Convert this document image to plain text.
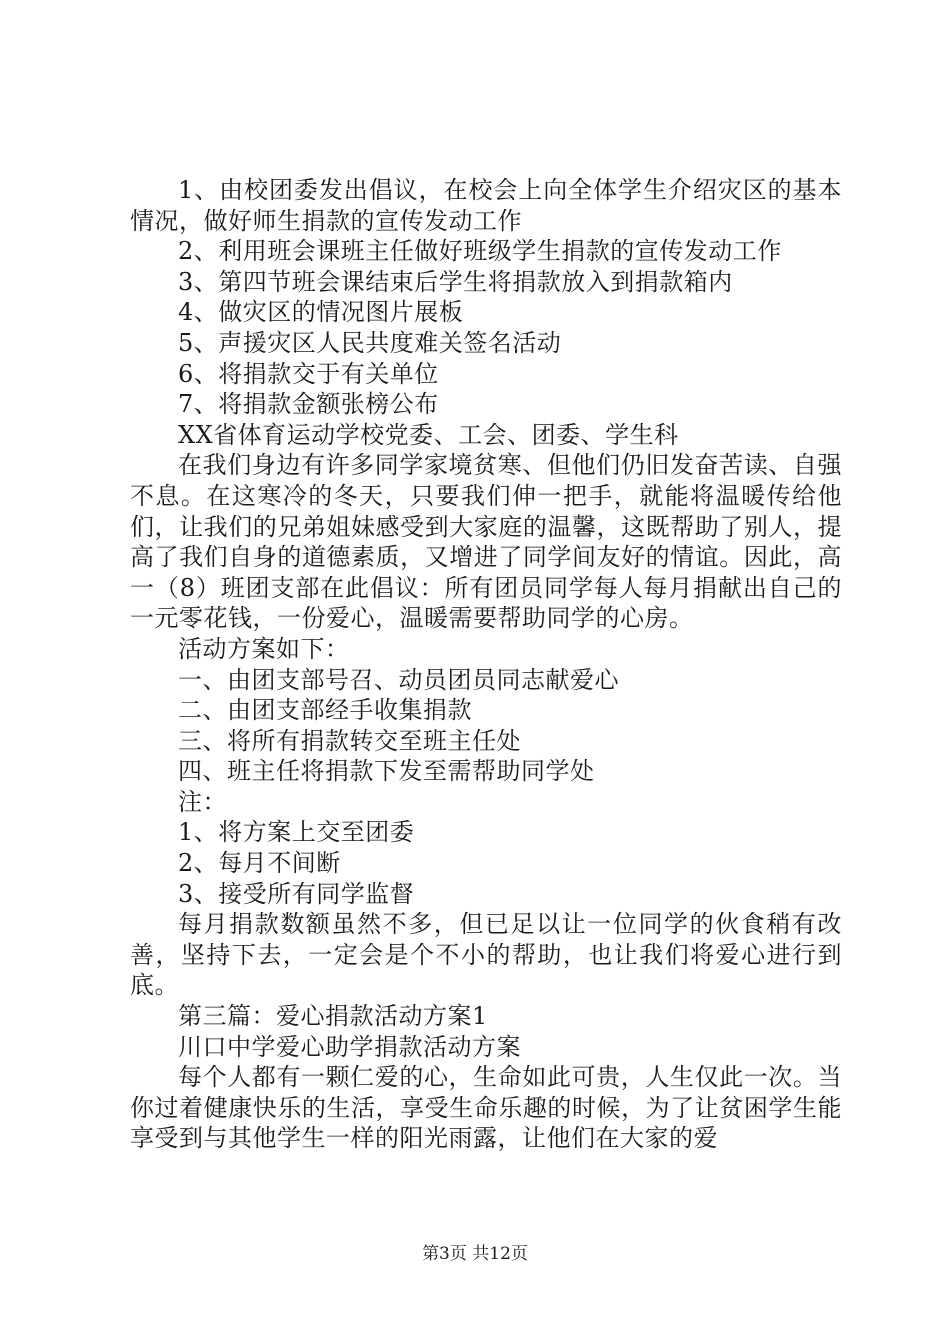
1、由校团委发出倡议，在校会上向全体学生介绍灾区的基本情况，做好师生捐款的宣传发动工作

2、利用班会课班主任做好班级学生捐款的宣传发动工作

3、第四节班会课结束后学生将捐款放入到捐款箱内

4、做灾区的情况图片展板

5、声援灾区人民共度难关签名活动

6、将捐款交于有关单位

7、将捐款金额张榜公布

XX省体育运动学校党委、工会、团委、学生科

在我们身边有许多同学家境贫寒、但他们仍旧发奋苦读、自强不息。在这寒冷的冬天，只要我们伸一把手，就能将温暖传给他们，让我们的兄弟姐妹感受到大家庭的温馨，这既帮助了别人，提高了我们自身的道德素质，又增进了同学间友好的情谊。因此，高一（8）班团支部在此倡议：所有团员同学每人每月捐献出自己的一元零花钱，一份爱心，温暖需要帮助同学的心房。

活动方案如下：

一、由团支部号召、动员团员同志献爱心

二、由团支部经手收集捐款

三、将所有捐款转交至班主任处

四、班主任将捐款下发至需帮助同学处

注：

1、将方案上交至团委

2、每月不间断

3、接受所有同学监督

每月捐款数额虽然不多，但已足以让一位同学的伙食稍有改善，坚持下去，一定会是个不小的帮助，也让我们将爱心进行到底。

第三篇：爱心捐款活动方案1

川口中学爱心助学捐款活动方案

每个人都有一颗仁爱的心，生命如此可贵，人生仅此一次。当你过着健康快乐的生活，享受生命乐趣的时候，为了让贫困学生能享受到与其他学生一样的阳光雨露，让他们在大家的爱

第3页 共12页
